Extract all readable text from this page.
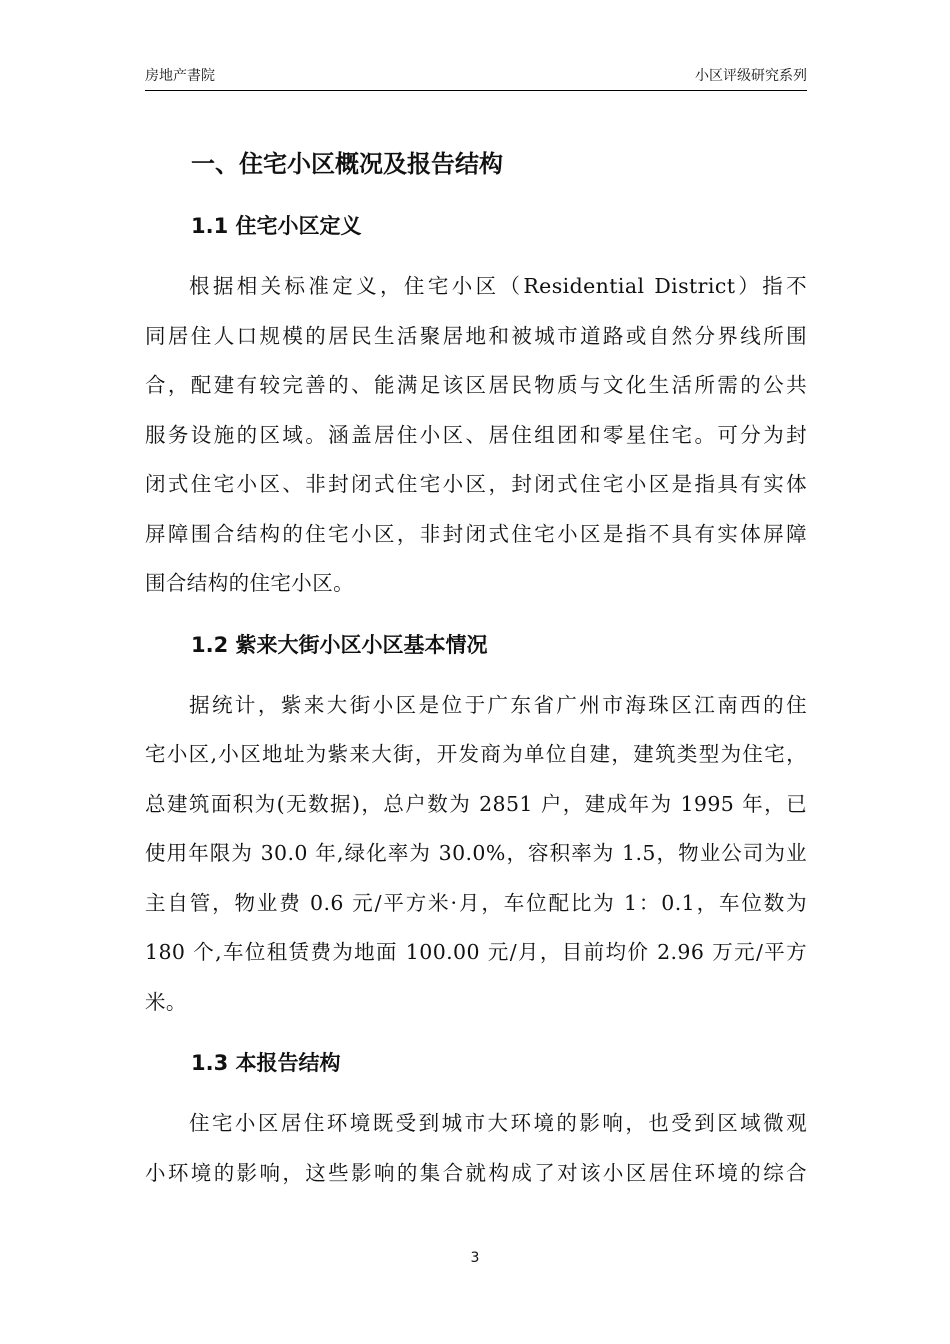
房地产書院	小区评级研究系列
一、住宅小区概况及报告结构
1.1 住宅小区定义
根据相关标准定义，住宅小区（Residential District）指不
同居住人口规模的居民生活聚居地和被城市道路或自然分界线所围
合，配建有较完善的、能满足该区居民物质与文化生活所需的公共
服务设施的区域。涵盖居住小区、居住组团和零星住宅。可分为封
闭式住宅小区、非封闭式住宅小区，封闭式住宅小区是指具有实体
屏障围合结构的住宅小区，非封闭式住宅小区是指不具有实体屏障
围合结构的住宅小区。
1.2 紫来大街小区小区基本情况
据统计，紫来大街小区是位于广东省广州市海珠区江南西的住
宅小区,小区地址为紫来大街，开发商为单位自建，建筑类型为住宅，
总建筑面积为(无数据)，总户数为 2851 户，建成年为 1995 年，已
使用年限为 30.0 年,绿化率为 30.0%，容积率为 1.5，物业公司为业
主自管，物业费 0.6 元/平方米·月，车位配比为 1：0.1，车位数为
180 个,车位租赁费为地面 100.00 元/月，目前均价 2.96 万元/平方
米。
1.3 本报告结构
住宅小区居住环境既受到城市大环境的影响，也受到区域微观
小环境的影响，这些影响的集合就构成了对该小区居住环境的综合
3
